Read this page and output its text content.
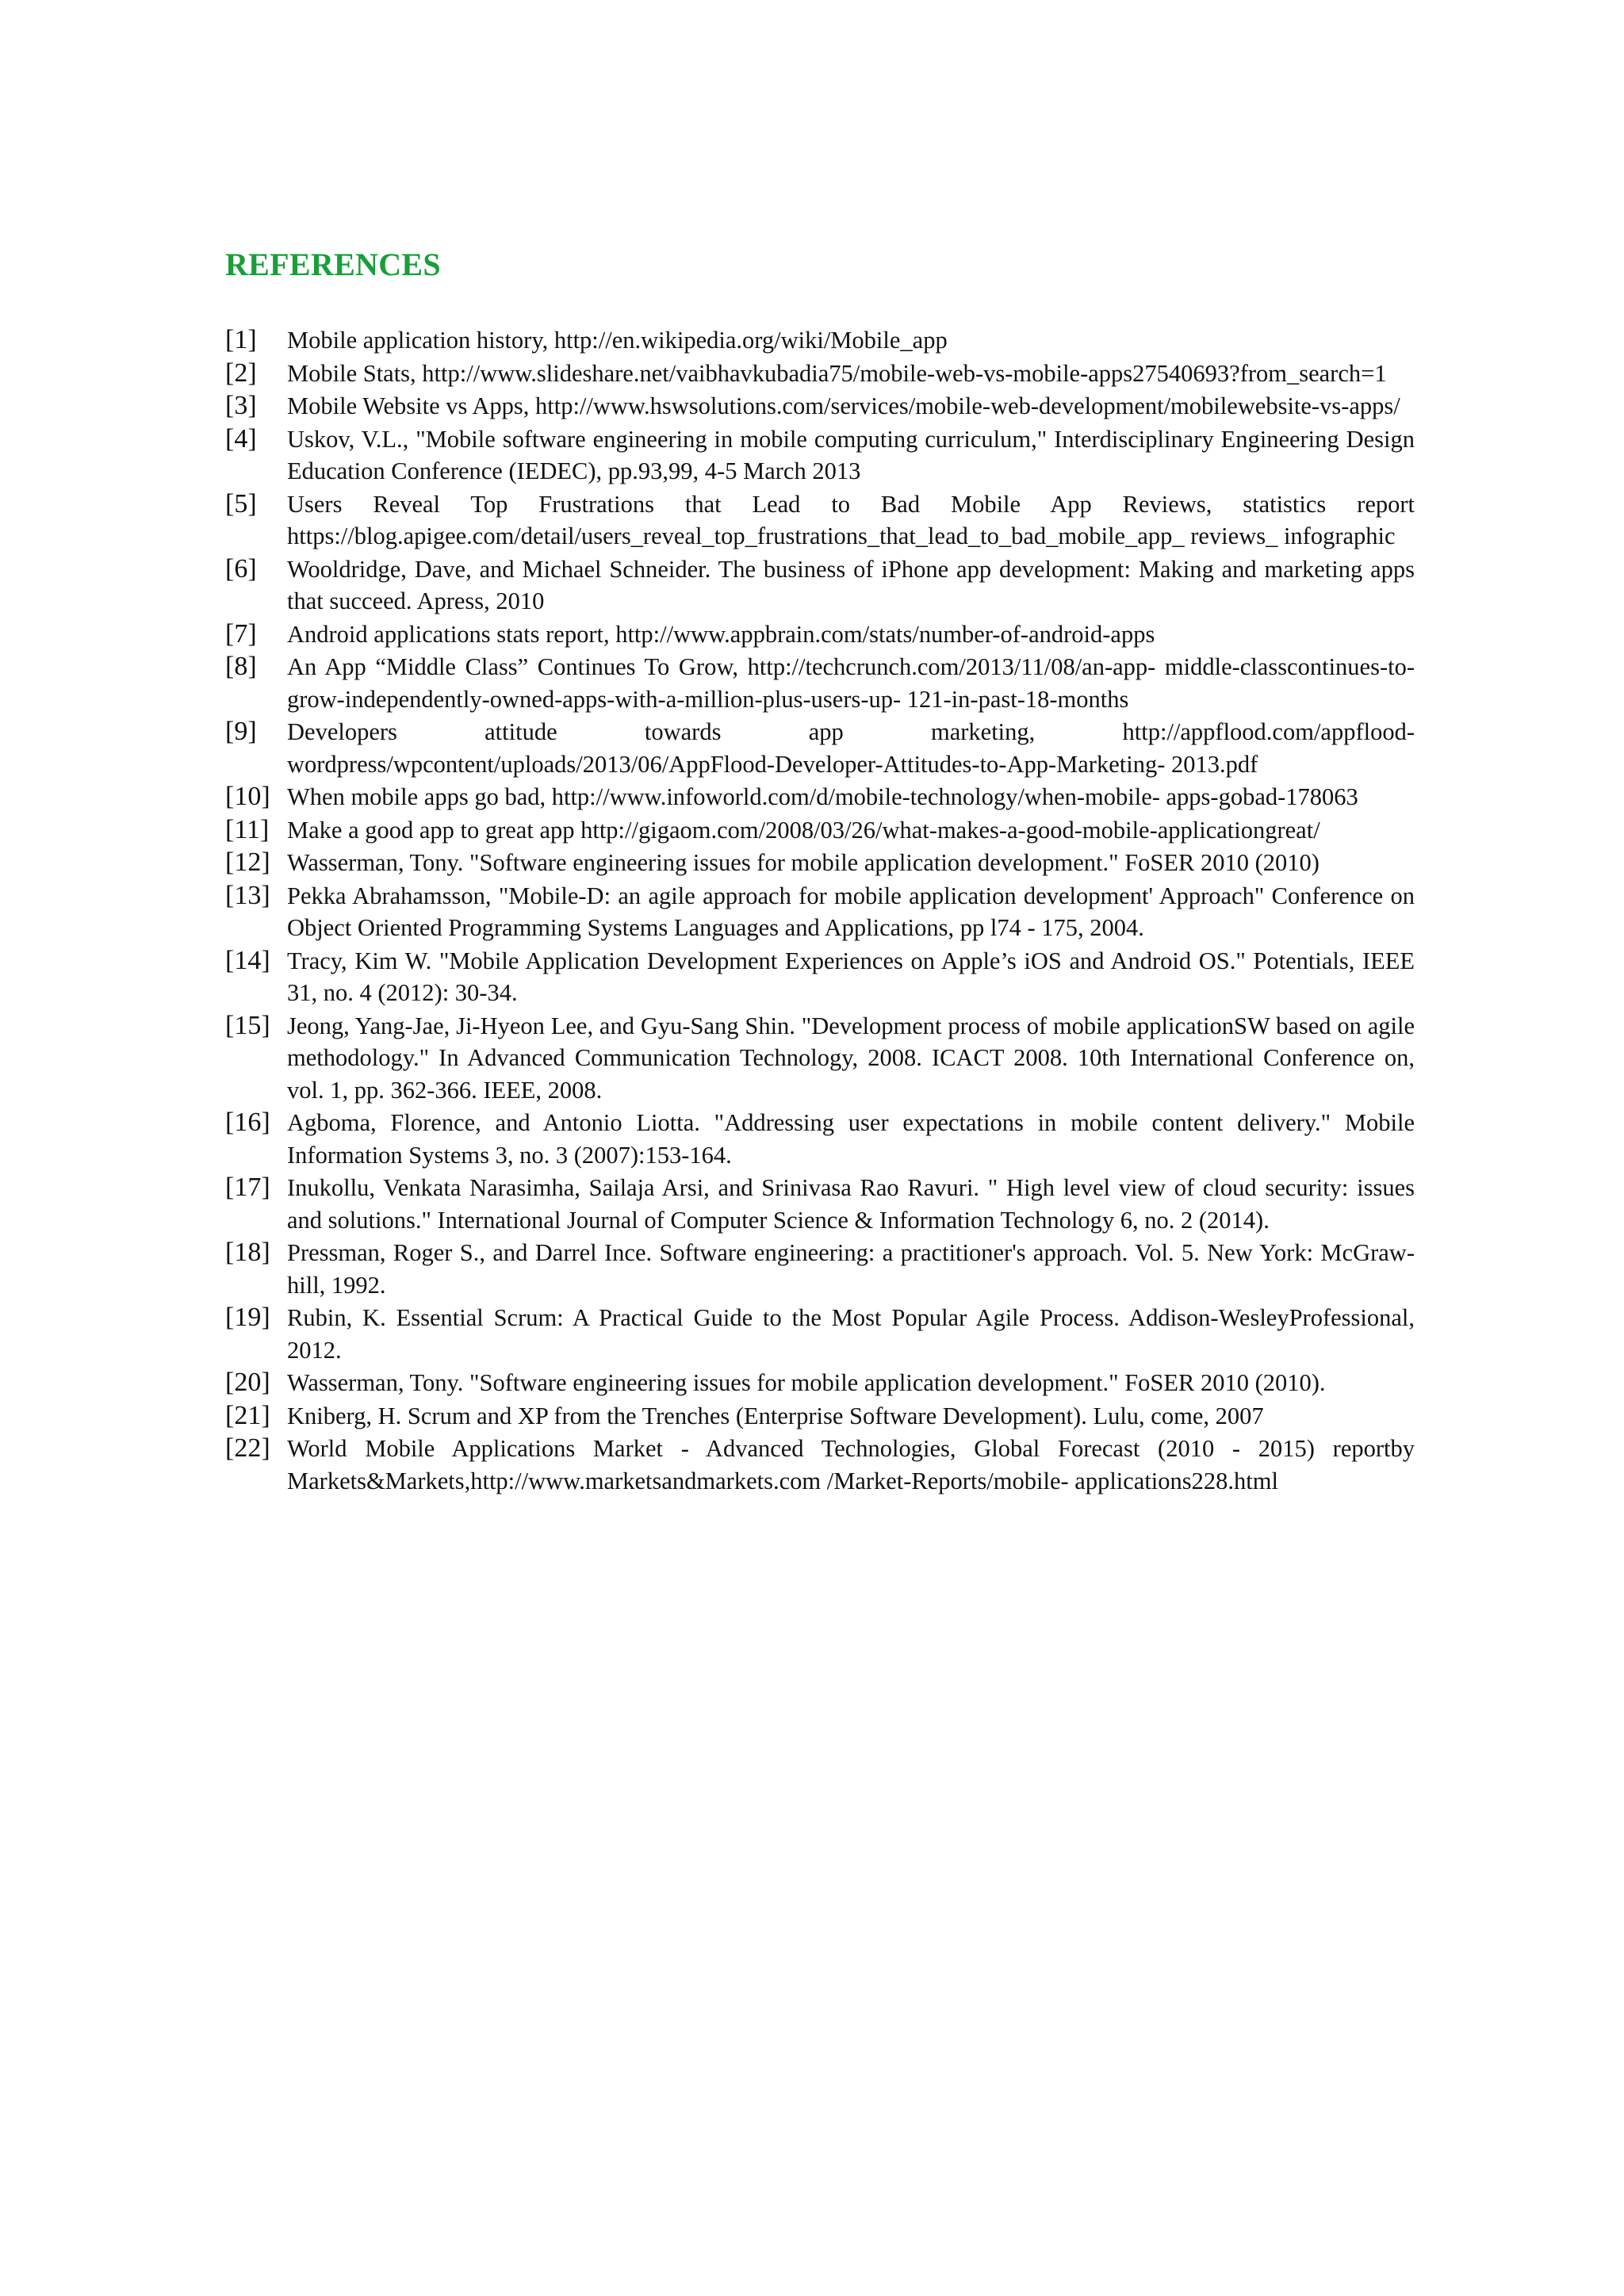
REFERENCES
[1]	Mobile application history, http://en.wikipedia.org/wiki/Mobile_app
[2]	Mobile Stats, http://www.slideshare.net/vaibhavkubadia75/mobile-web-vs-mobile-apps27540693?from_search=1
[3]	Mobile Website vs Apps, http://www.hswsolutions.com/services/mobile-web-development/mobilewebsite-vs-apps/
[4]	Uskov, V.L., "Mobile software engineering in mobile computing curriculum," Interdisciplinary Engineering Design Education Conference (IEDEC), pp.93,99, 4-5 March 2013
[5]	Users Reveal Top Frustrations that Lead to Bad Mobile App Reviews, statistics report https://blog.apigee.com/detail/users_reveal_top_frustrations_that_lead_to_bad_mobile_app_ reviews_ infographic
[6]	Wooldridge, Dave, and Michael Schneider. The business of iPhone app development: Making and marketing apps that succeed. Apress, 2010
[7]	Android applications stats report, http://www.appbrain.com/stats/number-of-android-apps
[8]	An App “Middle Class” Continues To Grow, http://techcrunch.com/2013/11/08/an-app- middle-classcontinues-to-grow-independently-owned-apps-with-a-million-plus-users-up- 121-in-past-18-months
[9]	Developers attitude towards app marketing, http://appflood.com/appflood-wordpress/wpcontent/uploads/2013/06/AppFlood-Developer-Attitudes-to-App-Marketing- 2013.pdf
[10] When mobile apps go bad, http://www.infoworld.com/d/mobile-technology/when-mobile- apps-gobad-178063
[11] Make a good app to great app http://gigaom.com/2008/03/26/what-makes-a-good-mobile-applicationgreat/
[12] Wasserman, Tony. "Software engineering issues for mobile application development." FoSER 2010 (2010)
[13] Pekka Abrahamsson, "Mobile-D: an agile approach for mobile application development' Approach" Conference on Object Oriented Programming Systems Languages and Applications, pp l74 - 175, 2004.
[14] Tracy, Kim W. "Mobile Application Development Experiences on Apple’s iOS and Android OS." Potentials, IEEE 31, no. 4 (2012): 30-34.
[15] Jeong, Yang-Jae, Ji-Hyeon Lee, and Gyu-Sang Shin. "Development process of mobile applicationSW based on agile methodology." In Advanced Communication Technology, 2008. ICACT 2008. 10th International Conference on, vol. 1, pp. 362-366. IEEE, 2008.
[16] Agboma, Florence, and Antonio Liotta. "Addressing user expectations in mobile content delivery." Mobile Information Systems 3, no. 3 (2007):153-164.
[17] Inukollu, Venkata Narasimha, Sailaja Arsi, and Srinivasa Rao Ravuri. " High level view of cloud security: issues and solutions." International Journal of Computer Science & Information Technology 6, no. 2 (2014).
[18] Pressman, Roger S., and Darrel Ince. Software engineering: a practitioner's approach. Vol. 5. New York: McGraw-hill, 1992.
[19] Rubin, K. Essential Scrum: A Practical Guide to the Most Popular Agile Process. Addison-WesleyProfessional, 2012.
[20] Wasserman, Tony. "Software engineering issues for mobile application development." FoSER 2010 (2010).
[21] Kniberg, H. Scrum and XP from the Trenches (Enterprise Software Development). Lulu, come, 2007
[22] World Mobile Applications Market - Advanced Technologies, Global Forecast (2010 - 2015) reportby Markets&Markets,http://www.marketsandmarkets.com /Market-Reports/mobile- applications228.html
